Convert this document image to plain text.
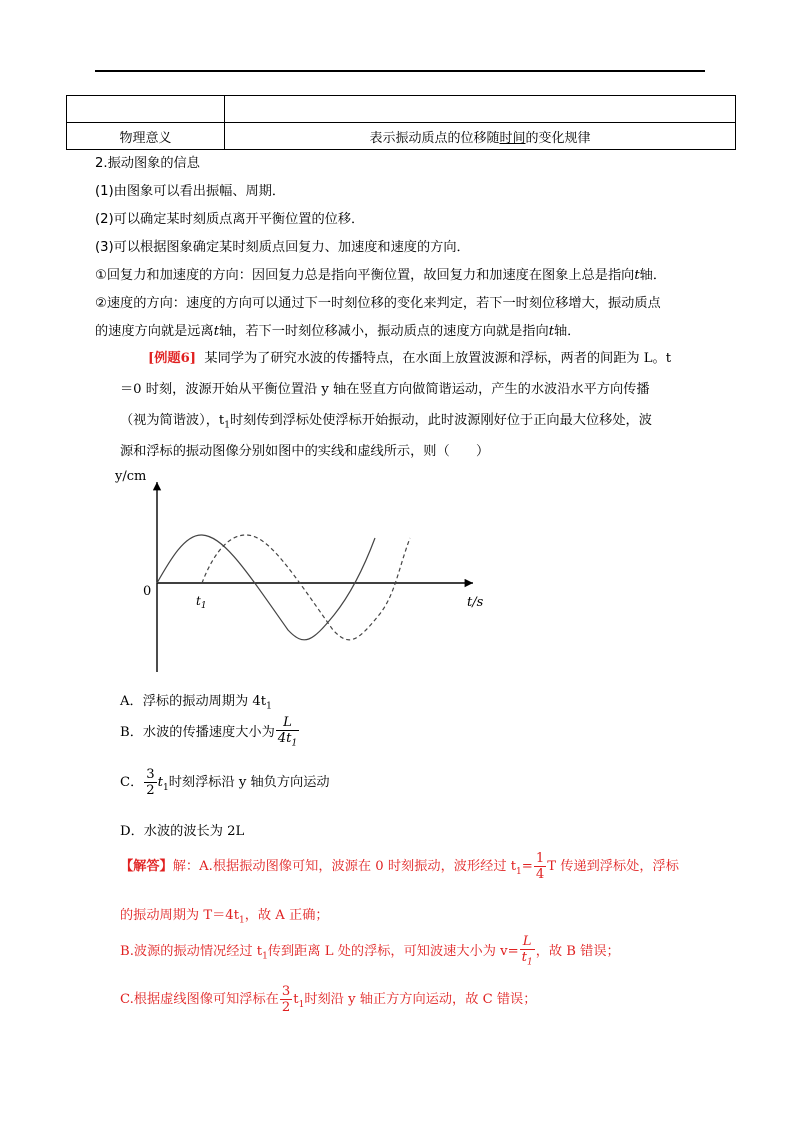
物理意义	表示振动质点的位移随时间的变化规律
2.振动图象的信息
(1)由图象可以看出振幅、周期．
(2)可以确定某时刻质点离开平衡位置的位移．
(3)可以根据图象确定某时刻质点回复力、加速度和速度的方向．
①回复力和加速度的方向：因回复力总是指向平衡位置，故回复力和加速度在图象上总是指向t轴．
②速度的方向：速度的方向可以通过下一时刻位移的变化来判定，若下一时刻位移增大，振动质点
的速度方向就是远离t轴，若下一时刻位移减小，振动质点的速度方向就是指向t轴．
[例题6] 某同学为了研究水波的传播特点，在水面上放置波源和浮标，两者的间距为 L。t
＝0 时刻，波源开始从平衡位置沿 y 轴在竖直方向做简谐运动，产生的水波沿水平方向传播
（视为简谐波），$t_1$时刻传到浮标处使浮标开始振动，此时波源刚好位于正向最大位移处，波
源和浮标的振动图像分别如图中的实线和虚线所示，则（　　）
y/cm
t/s
0
$t_1$
A．浮标的振动周期为 $4t_1$
B．水波的传播速度大小为 $\frac{L}{4t_1}$
C． $\frac{3}{2} t_1$时刻浮标沿 y 轴负方向运动
D．水波的波长为 2L
【解答】解：A.根据振动图像可知，波源在 0 时刻振动，波形经过 $t_1= \frac{1}{4}$ T 传递到浮标处，浮标
的振动周期为 $T=4t_1$，故 A 正确；
B.波源的振动情况经过 $t_1$传到距离 L 处的浮标，可知波速大小为 $v= \frac{L}{t_1}$ ，故 B 错误；
C.根据虚线图像可知浮标在 $\frac{3}{2} t_1$时刻沿 y 轴正方方向运动，故 C 错误；
